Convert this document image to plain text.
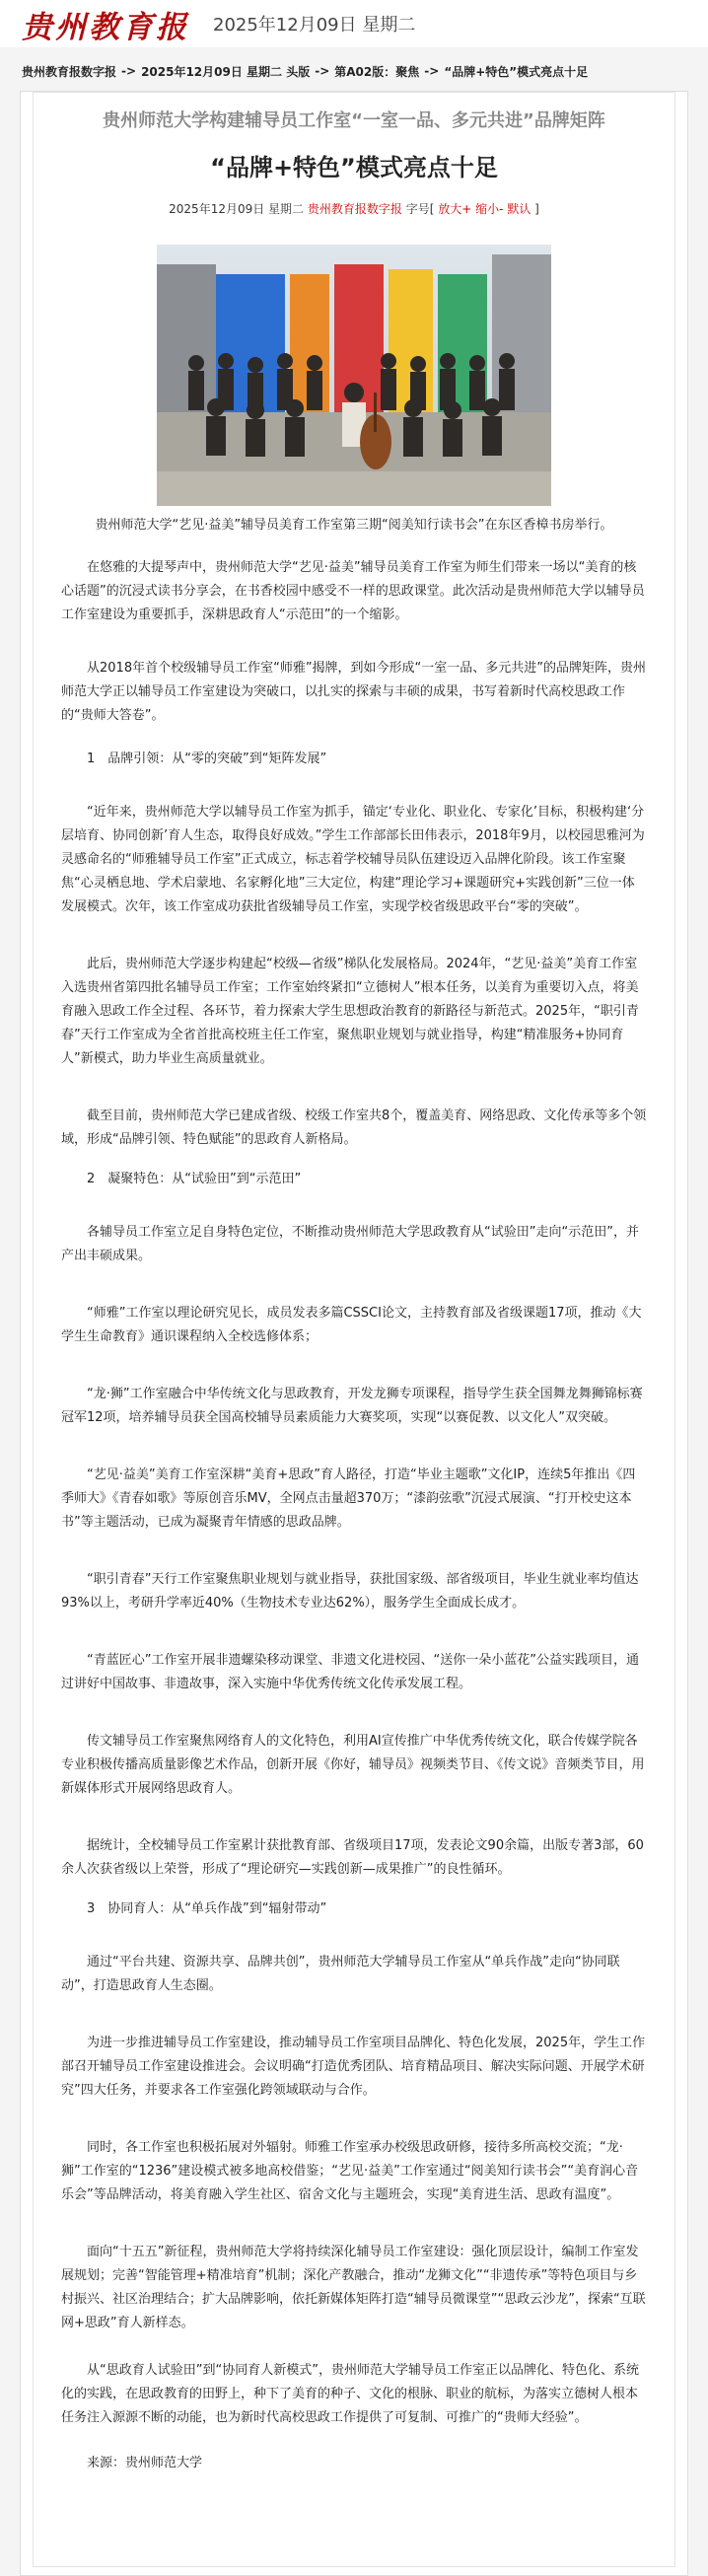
贵州教育报 2025年12月09日 星期二
贵州教育报数字报 -> 2025年12月09日 星期二 头版 -> 第A02版：聚焦 -> “品牌+特色”模式亮点十足
贵州师范大学构建辅导员工作室“一室一品、多元共进”品牌矩阵
“品牌+特色”模式亮点十足
2025年12月09日 星期二 贵州教育报数字报 字号[ 放大+ 缩小- 默认 ]
贵州师范大学“艺见·益美”辅导员美育工作室第三期“阅美知行读书会”在东区香樟书房举行。

在悠雅的大提琴声中，贵州师范大学“艺见·益美”辅导员美育工作室为师生们带来一场以“美育的核心话题”的沉浸式读书分享会，在书香校园中感受不一样的思政课堂。此次活动是贵州师范大学以辅导员工作室建设为重要抓手，深耕思政育人“示范田”的一个缩影。

从2018年首个校级辅导员工作室“师雅”揭牌，到如今形成“一室一品、多元共进”的品牌矩阵，贵州师范大学正以辅导员工作室建设为突破口，以扎实的探索与丰硕的成果，书写着新时代高校思政工作的“贵师大答卷”。

1　品牌引领：从“零的突破”到“矩阵发展”

“近年来，贵州师范大学以辅导员工作室为抓手，锚定‘专业化、职业化、专家化’目标，积极构建‘分层培育、协同创新’育人生态，取得良好成效。”学生工作部部长田伟表示，2018年9月，以校园思雅河为灵感命名的“师雅辅导员工作室”正式成立，标志着学校辅导员队伍建设迈入品牌化阶段。该工作室聚焦“心灵栖息地、学术启蒙地、名家孵化地”三大定位，构建“理论学习+课题研究+实践创新”三位一体发展模式。次年，该工作室成功获批省级辅导员工作室，实现学校省级思政平台“零的突破”。

此后，贵州师范大学逐步构建起“校级—省级”梯队化发展格局。2024年，“艺见·益美”美育工作室入选贵州省第四批名辅导员工作室；工作室始终紧扣“立德树人”根本任务，以美育为重要切入点，将美育融入思政工作全过程、各环节，着力探索大学生思想政治教育的新路径与新范式。2025年，“职引青春”天行工作室成为全省首批高校班主任工作室，聚焦职业规划与就业指导，构建“精准服务+协同育人”新模式，助力毕业生高质量就业。

截至目前，贵州师范大学已建成省级、校级工作室共8个，覆盖美育、网络思政、文化传承等多个领域，形成“品牌引领、特色赋能”的思政育人新格局。

2　凝聚特色：从“试验田”到“示范田”

各辅导员工作室立足自身特色定位，不断推动贵州师范大学思政教育从“试验田”走向“示范田”，并产出丰硕成果。

“师雅”工作室以理论研究见长，成员发表多篇CSSCI论文，主持教育部及省级课题17项，推动《大学生生命教育》通识课程纳入全校选修体系；

“龙·狮”工作室融合中华传统文化与思政教育，开发龙狮专项课程，指导学生获全国舞龙舞狮锦标赛冠军12项，培养辅导员获全国高校辅导员素质能力大赛奖项，实现“以赛促教、以文化人”双突破。

“艺见·益美”美育工作室深耕“美育+思政”育人路径，打造“毕业主题歌”文化IP，连续5年推出《四季师大》《青春如歌》等原创音乐MV，全网点击量超370万；“漆韵弦歌”沉浸式展演、“打开校史这本书”等主题活动，已成为凝聚青年情感的思政品牌。

“职引青春”天行工作室聚焦职业规划与就业指导，获批国家级、部省级项目，毕业生就业率均值达93%以上，考研升学率近40%（生物技术专业达62%），服务学生全面成长成才。

“青蓝匠心”工作室开展非遗螺染移动课堂、非遗文化进校园、“送你一朵小蓝花”公益实践项目，通过讲好中国故事、非遗故事，深入实施中华优秀传统文化传承发展工程。

传文辅导员工作室聚焦网络育人的文化特色，利用AI宣传推广中华优秀传统文化，联合传媒学院各专业积极传播高质量影像艺术作品，创新开展《你好，辅导员》视频类节目、《传文说》音频类节目，用新媒体形式开展网络思政育人。

据统计，全校辅导员工作室累计获批教育部、省级项目17项，发表论文90余篇，出版专著3部，60余人次获省级以上荣誉，形成了“理论研究—实践创新—成果推广”的良性循环。

3　协同育人：从“单兵作战”到“辐射带动”

通过“平台共建、资源共享、品牌共创”，贵州师范大学辅导员工作室从“单兵作战”走向“协同联动”，打造思政育人生态圈。

为进一步推进辅导员工作室建设，推动辅导员工作室项目品牌化、特色化发展，2025年，学生工作部召开辅导员工作室建设推进会。会议明确“打造优秀团队、培育精品项目、解决实际问题、开展学术研究”四大任务，并要求各工作室强化跨领域联动与合作。

同时，各工作室也积极拓展对外辐射。师雅工作室承办校级思政研修，接待多所高校交流；“龙·狮”工作室的“1236”建设模式被多地高校借鉴；“艺见·益美”工作室通过“阅美知行读书会”“美育润心音乐会”等品牌活动，将美育融入学生社区、宿舍文化与主题班会，实现“美育进生活、思政有温度”。

面向“十五五”新征程，贵州师范大学将持续深化辅导员工作室建设：强化顶层设计，编制工作室发展规划；完善“智能管理+精准培育”机制；深化产教融合，推动“龙狮文化”“非遗传承”等特色项目与乡村振兴、社区治理结合；扩大品牌影响，依托新媒体矩阵打造“辅导员微课堂”“思政云沙龙”，探索“互联网+思政”育人新样态。

从“思政育人试验田”到“协同育人新模式”，贵州师范大学辅导员工作室正以品牌化、特色化、系统化的实践，在思政教育的田野上，种下了美育的种子、文化的根脉、职业的航标，为落实立德树人根本任务注入源源不断的动能，也为新时代高校思政工作提供了可复制、可推广的“贵师大经验”。

来源：贵州师范大学
